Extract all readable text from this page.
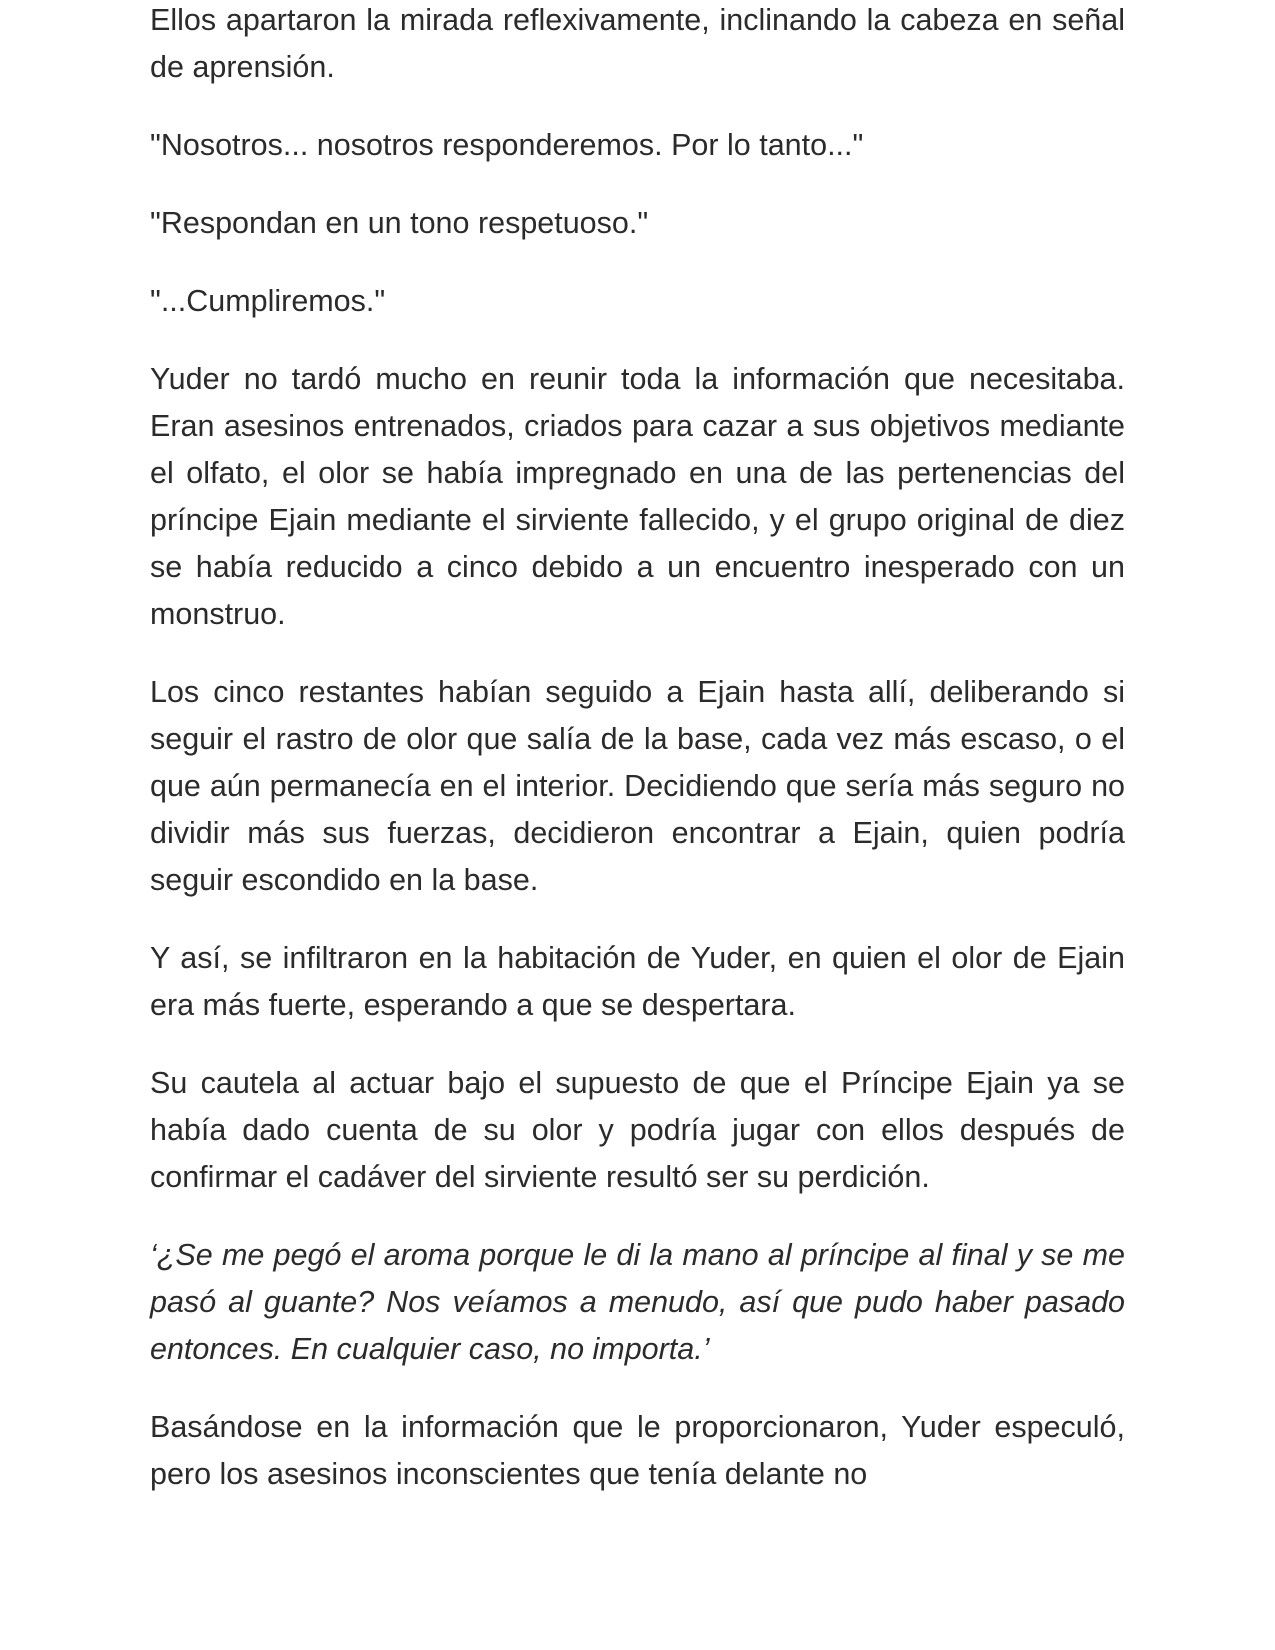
Ellos apartaron la mirada reflexivamente, inclinando la cabeza en señal de aprensión.

"Nosotros... nosotros responderemos. Por lo tanto..."

"Respondan en un tono respetuoso."

"...Cumpliremos."

Yuder no tardó mucho en reunir toda la información que necesitaba. Eran asesinos entrenados, criados para cazar a sus objetivos mediante el olfato, el olor se había impregnado en una de las pertenencias del príncipe Ejain mediante el sirviente fallecido, y el grupo original de diez se había reducido a cinco debido a un encuentro inesperado con un monstruo.

Los cinco restantes habían seguido a Ejain hasta allí, deliberando si seguir el rastro de olor que salía de la base, cada vez más escaso, o el que aún permanecía en el interior. Decidiendo que sería más seguro no dividir más sus fuerzas, decidieron encontrar a Ejain, quien podría seguir escondido en la base.

Y así, se infiltraron en la habitación de Yuder, en quien el olor de Ejain era más fuerte, esperando a que se despertara.

Su cautela al actuar bajo el supuesto de que el Príncipe Ejain ya se había dado cuenta de su olor y podría jugar con ellos después de confirmar el cadáver del sirviente resultó ser su perdición.

‘¿Se me pegó el aroma porque le di la mano al príncipe al final y se me pasó al guante? Nos veíamos a menudo, así que pudo haber pasado entonces. En cualquier caso, no importa.’

Basándose en la información que le proporcionaron, Yuder especuló, pero los asesinos inconscientes que tenía delante no
